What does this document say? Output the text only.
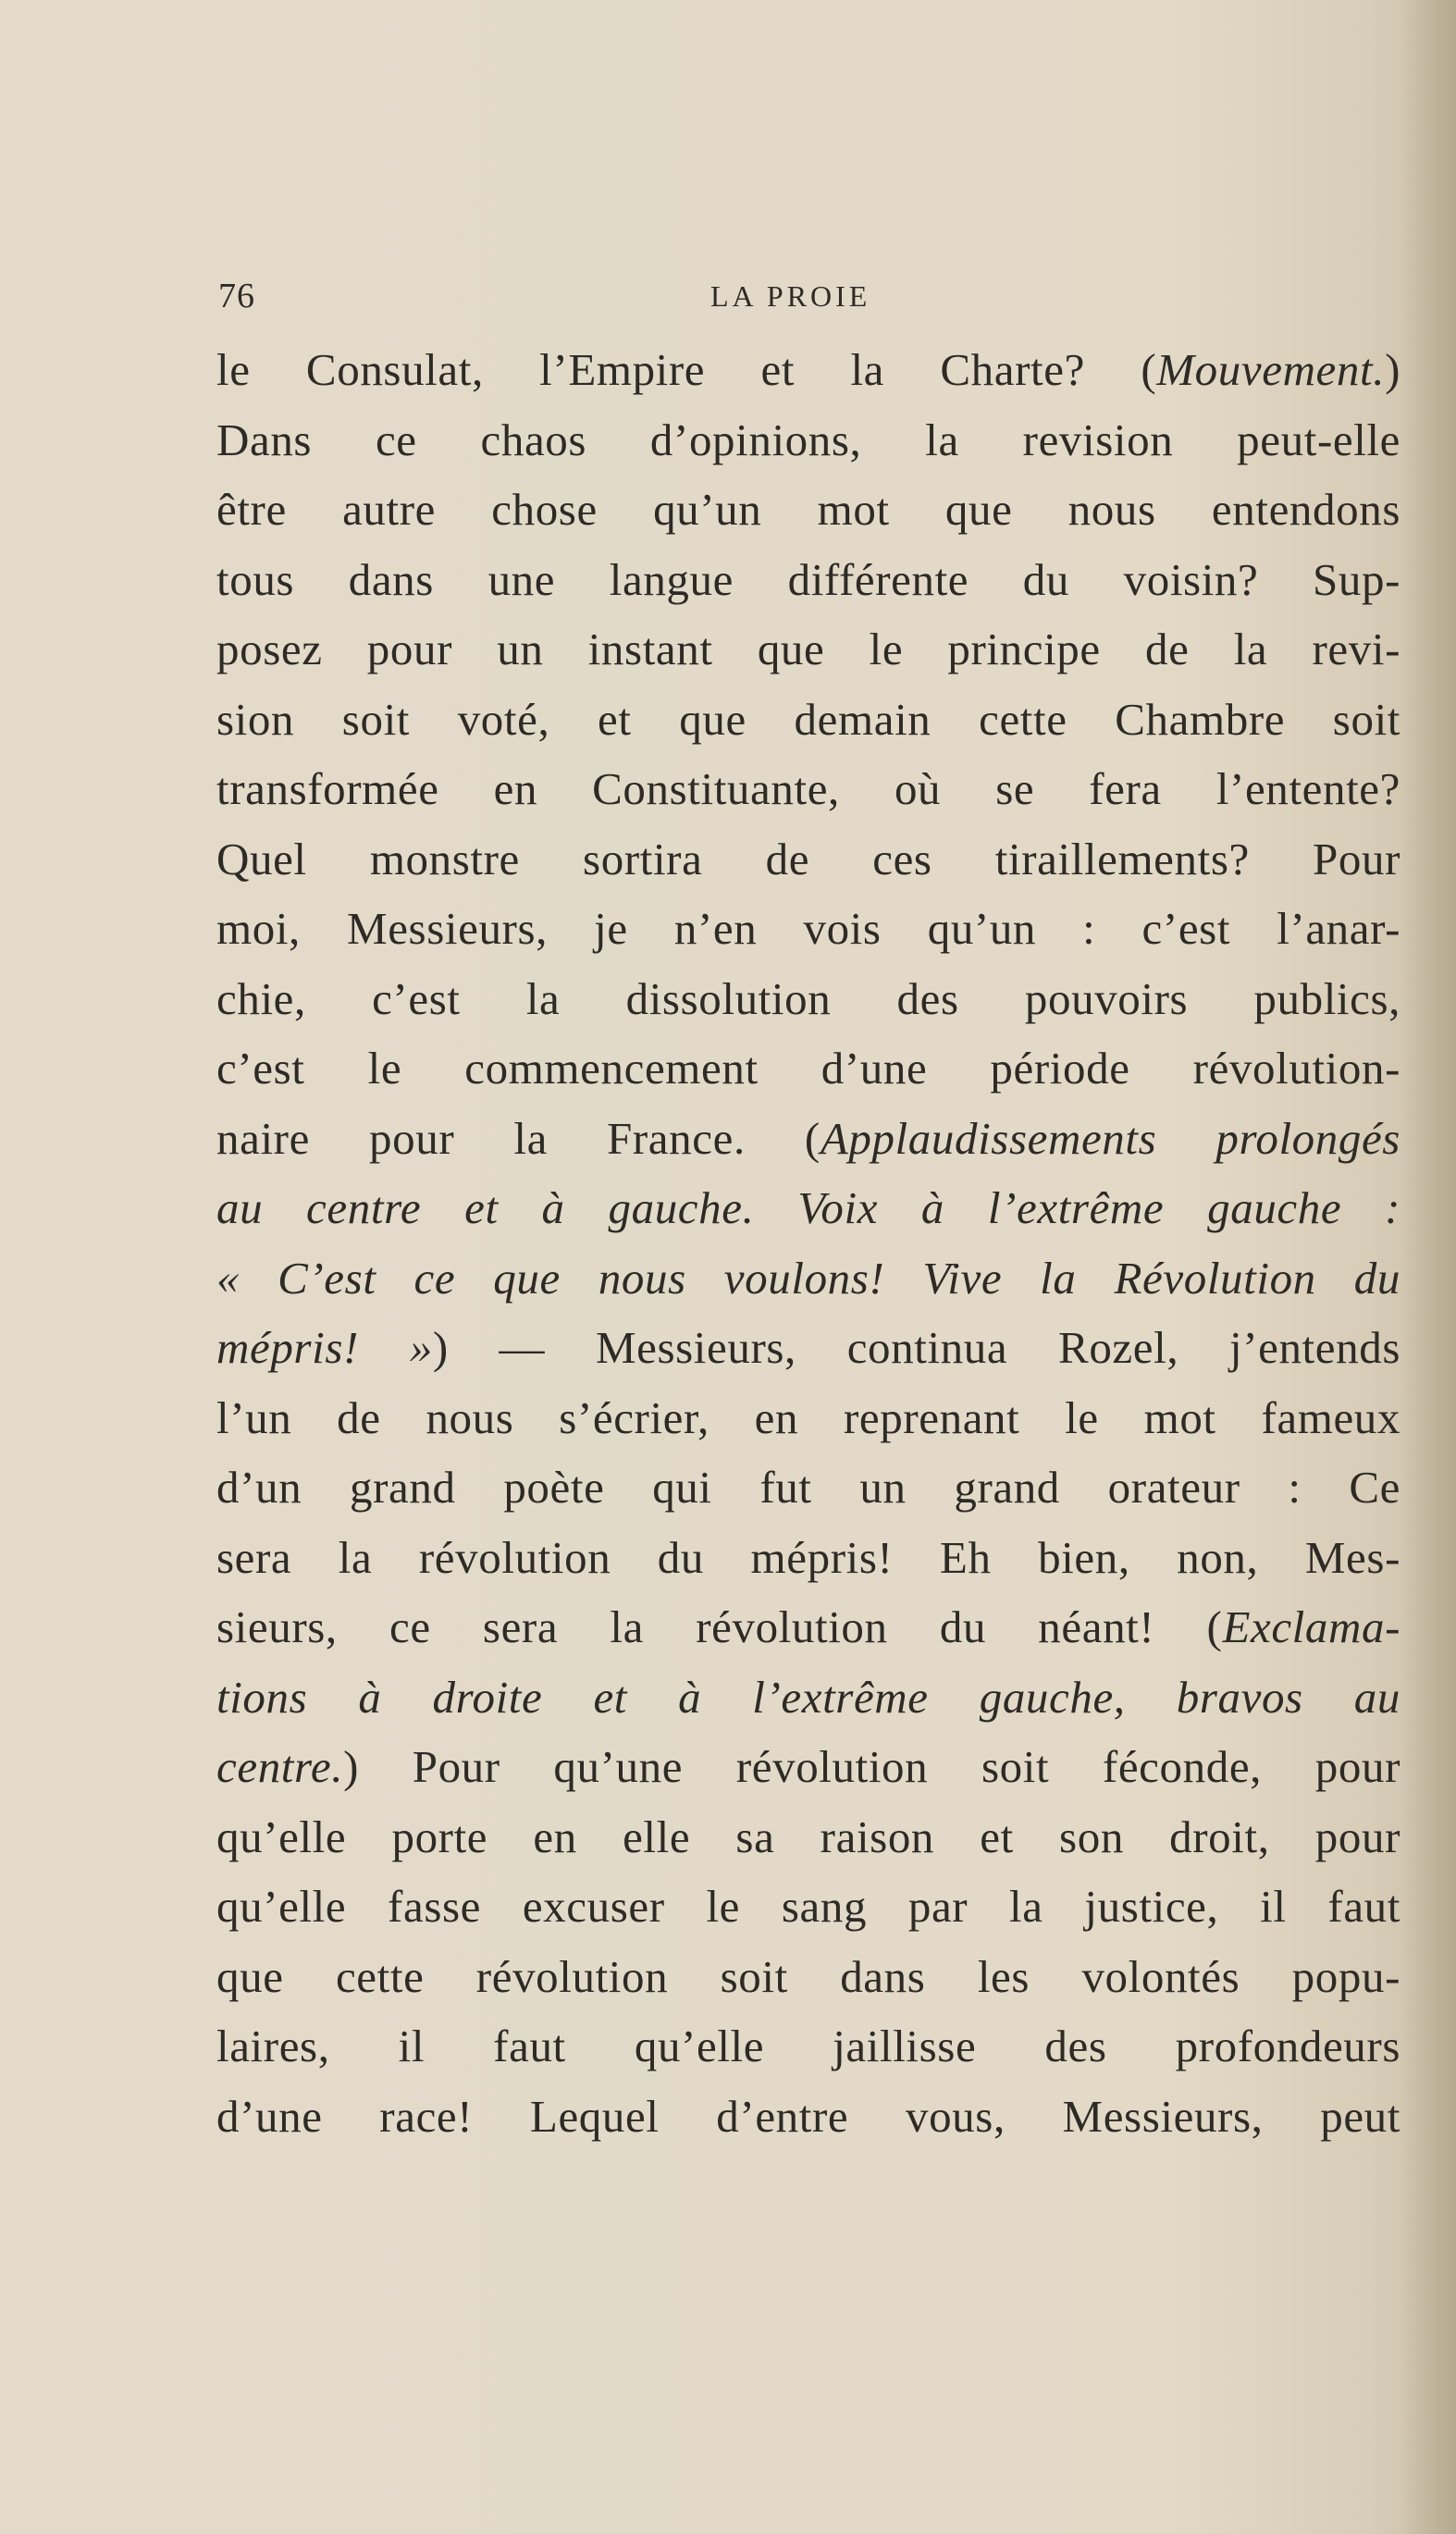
76	LA PROIE
le Consulat, l’Empire et la Charte? (Mouvement.)
Dans ce chaos d’opinions, la revision peut-elle
être autre chose qu’un mot que nous entendons
tous dans une langue différente du voisin? Sup-
posez pour un instant que le principe de la revi-
sion soit voté, et que demain cette Chambre soit
transformée en Constituante, où se fera l’entente?
Quel monstre sortira de ces tiraillements? Pour
moi, Messieurs, je n’en vois qu’un : c’est l’anar-
chie, c’est la dissolution des pouvoirs publics,
c’est le commencement d’une période révolution-
naire pour la France. (Applaudissements prolongés
au centre et à gauche. Voix à l’extrême gauche :
« C’est ce que nous voulons! Vive la Révolution du
mépris! ») — Messieurs, continua Rozel, j’entends
l’un de nous s’écrier, en reprenant le mot fameux
d’un grand poète qui fut un grand orateur : Ce
sera la révolution du mépris! Eh bien, non, Mes-
sieurs, ce sera la révolution du néant! (Exclama-
tions à droite et à l’extrême gauche, bravos au
centre.) Pour qu’une révolution soit féconde, pour
qu’elle porte en elle sa raison et son droit, pour
qu’elle fasse excuser le sang par la justice, il faut
que cette révolution soit dans les volontés popu-
laires, il faut qu’elle jaillisse des profondeurs
d’une race! Lequel d’entre vous, Messieurs, peut
